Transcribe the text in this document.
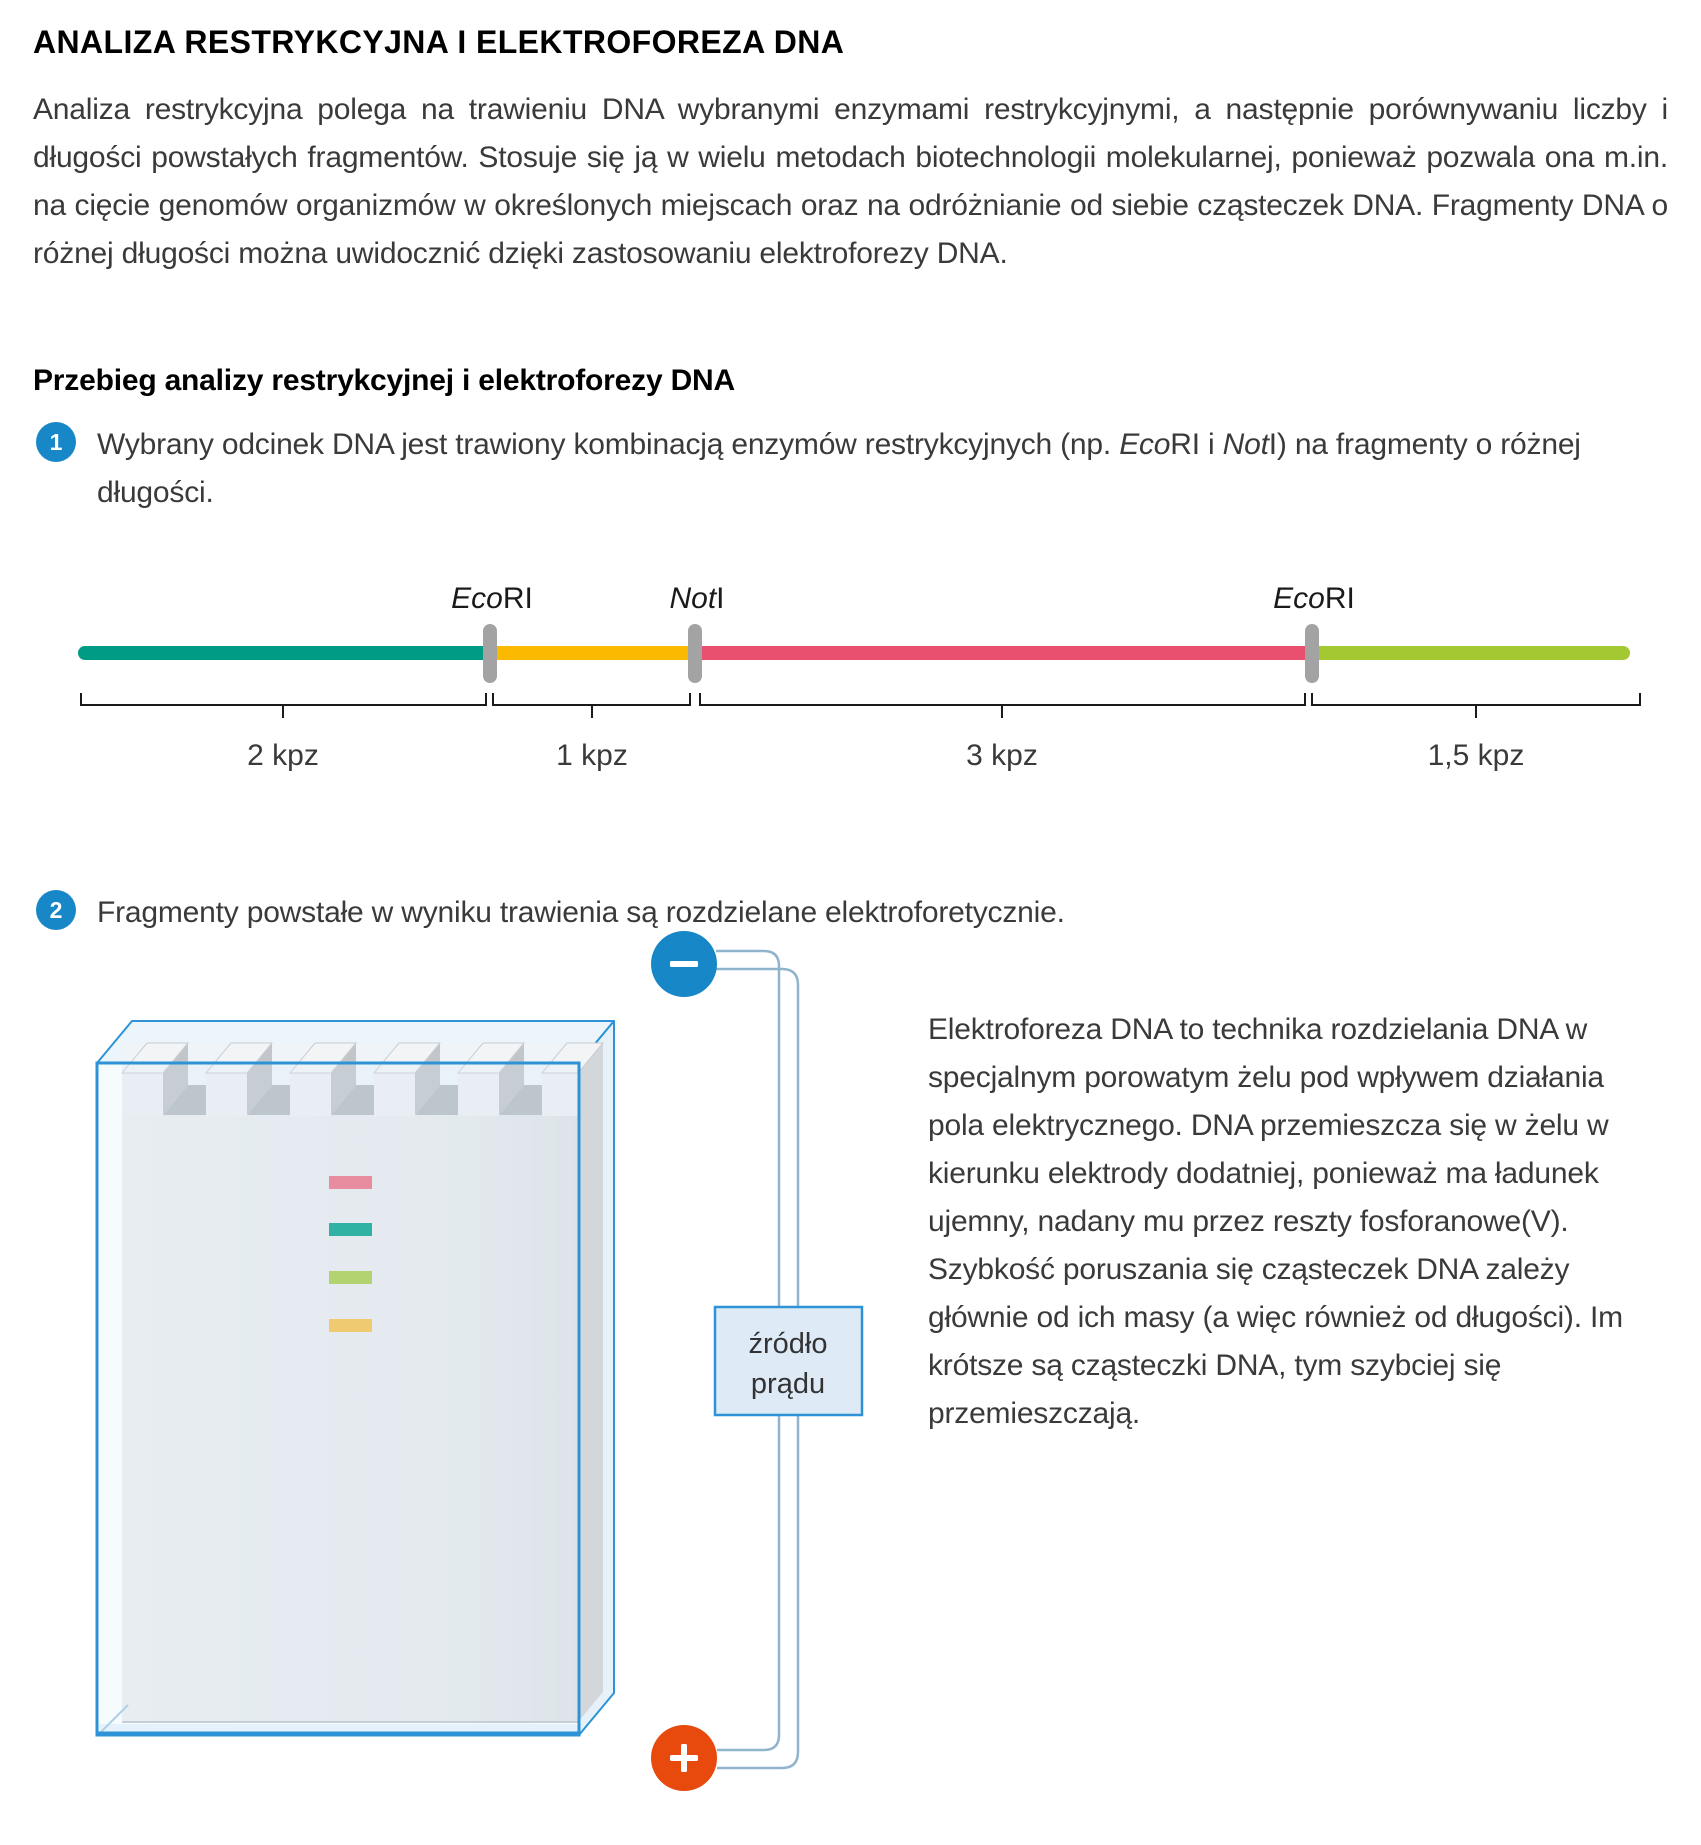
ANALIZA RESTRYKCYJNA I ELEKTROFOREZA DNA
Analiza restrykcyjna polega na trawieniu DNA wybranymi enzymami restrykcyjnymi, a następnie porównywaniu liczby i długości powstałych fragmentów. Stosuje się ją w wielu metodach biotechnologii molekularnej, ponieważ pozwala ona m.in. na cięcie genomów organizmów w określonych miejscach oraz na odróżnianie od siebie cząsteczek DNA. Fragmenty DNA o różnej długości można uwidocznić dzięki zastosowaniu elektroforezy DNA.
Przebieg analizy restrykcyjnej i elektroforezy DNA
1	Wybrany odcinek DNA jest trawiony kombinacją enzymów restrykcyjnych (np. EcoRI i NotI) na fragmenty o różnej długości.
EcoRI	NotI	EcoRI
2 kpz	1 kpz	3 kpz	1,5 kpz
2	Fragmenty powstałe w wyniku trawienia są rozdzielane elektroforetycznie.
źródło
prądu
Elektroforeza DNA to technika rozdzielania DNA w specjalnym porowatym żelu pod wpływem działania pola elektrycznego. DNA przemieszcza się w żelu w kierunku elektrody dodatniej, ponieważ ma ładunek ujemny, nadany mu przez reszty fosforanowe(V). Szybkość poruszania się cząsteczek DNA zależy głównie od ich masy (a więc również od długości). Im krótsze są cząsteczki DNA, tym szybciej się przemieszczają.
